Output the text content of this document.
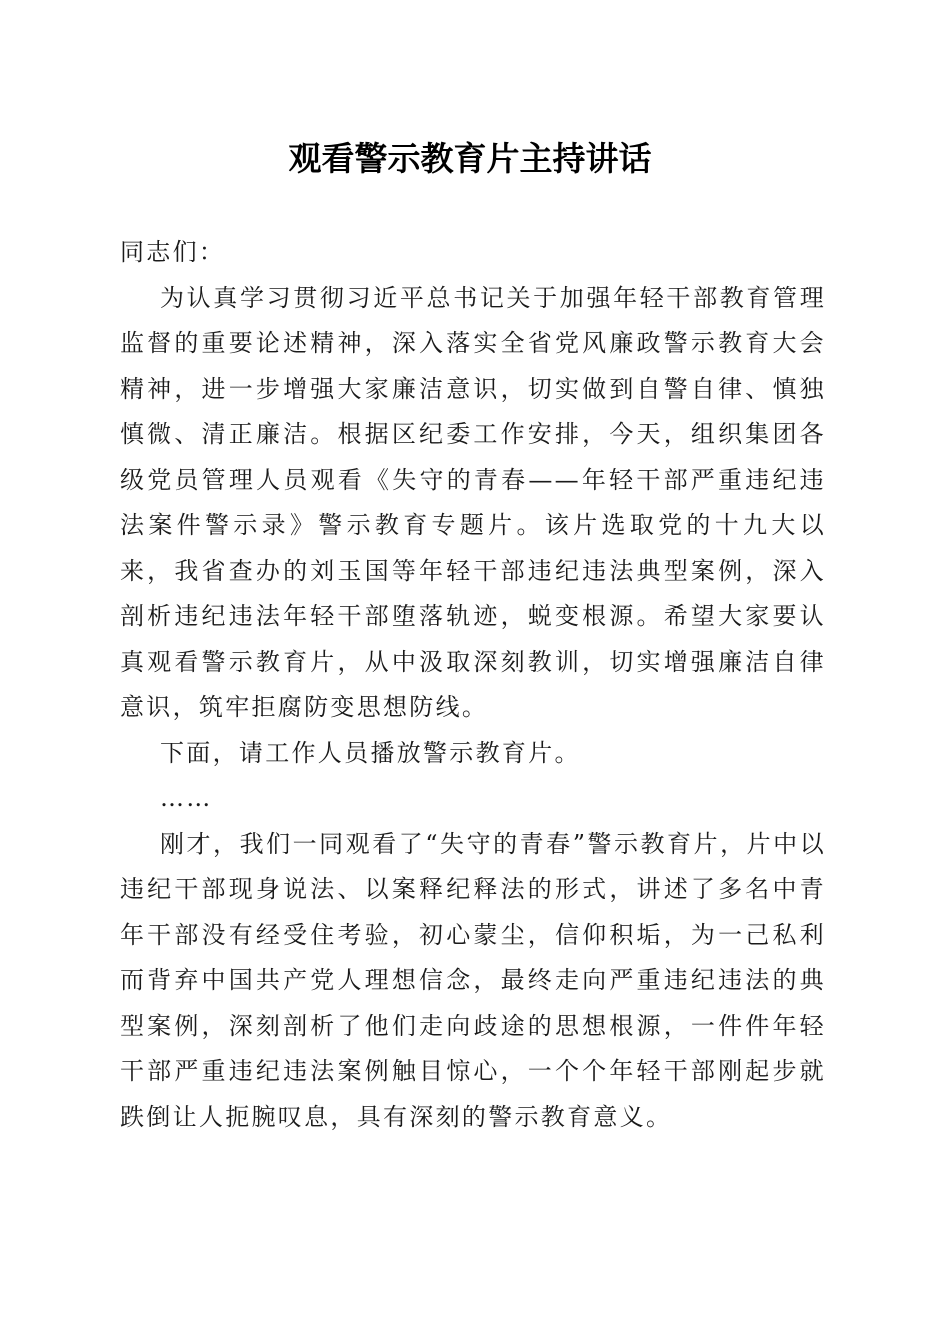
观看警示教育片主持讲话

同志们：

为认真学习贯彻习近平总书记关于加强年轻干部教育管理监督的重要论述精神，深入落实全省党风廉政警示教育大会精神，进一步增强大家廉洁意识，切实做到自警自律、慎独慎微、清正廉洁。根据区纪委工作安排，今天，组织集团各级党员管理人员观看《失守的青春——年轻干部严重违纪违法案件警示录》警示教育专题片。该片选取党的十九大以来，我省查办的刘玉国等年轻干部违纪违法典型案例，深入剖析违纪违法年轻干部堕落轨迹，蜕变根源。希望大家要认真观看警示教育片，从中汲取深刻教训，切实增强廉洁自律意识，筑牢拒腐防变思想防线。

下面，请工作人员播放警示教育片。

……

刚才，我们一同观看了“失守的青春”警示教育片，片中以违纪干部现身说法、以案释纪释法的形式，讲述了多名中青年干部没有经受住考验，初心蒙尘，信仰积垢，为一己私利而背弃中国共产党人理想信念，最终走向严重违纪违法的典型案例，深刻剖析了他们走向歧途的思想根源，一件件年轻干部严重违纪违法案例触目惊心，一个个年轻干部刚起步就跌倒让人扼腕叹息，具有深刻的警示教育意义。
